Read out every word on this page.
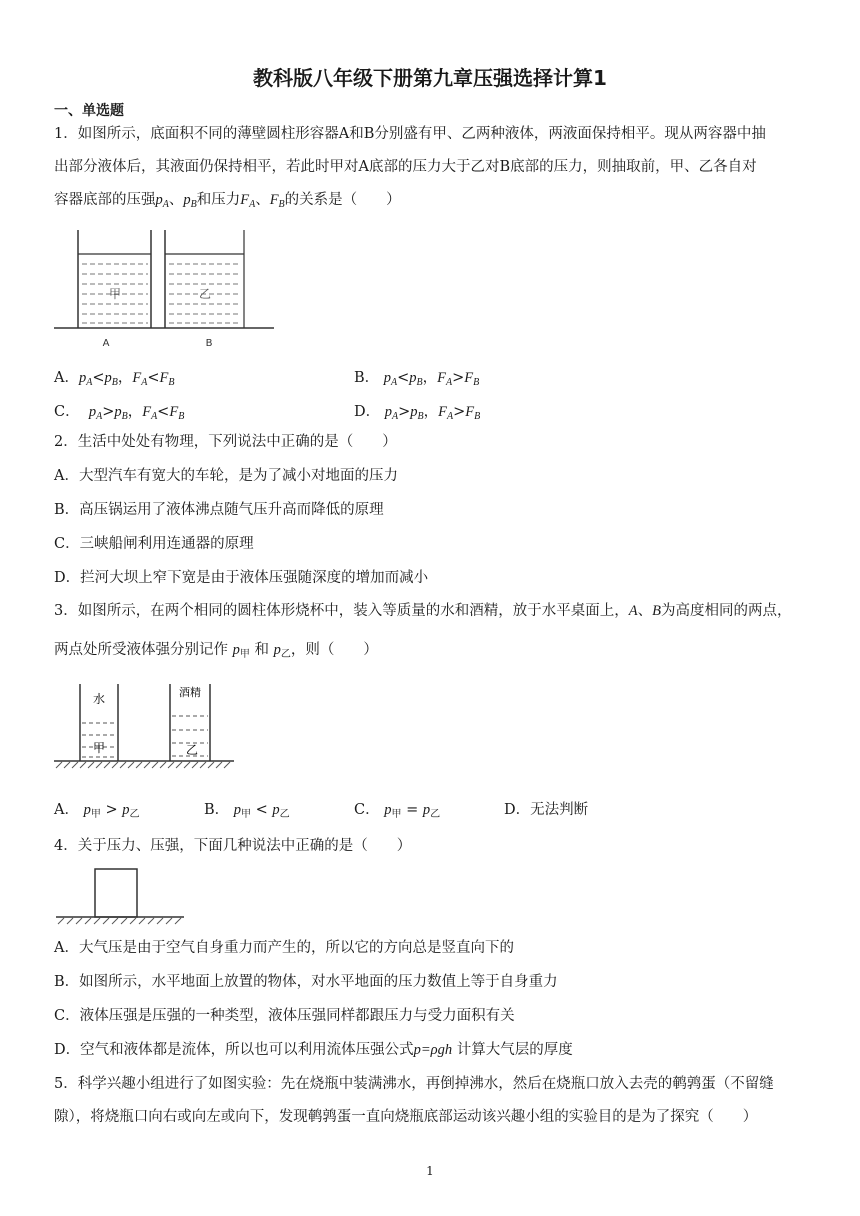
教科版八年级下册第九章压强选择计算1
一、单选题
1．如图所示，底面积不同的薄壁圆柱形容器A和B分别盛有甲、乙两种液体，两液面保持相平。现从两容器中抽
出部分液体后，其液面仍保持相平，若此时甲对A底部的压力大于乙对B底部的压力，则抽取前，甲、乙各自对
容器底部的压强$p_A$、$p_B$和压力$F_A$、$F_B$的关系是（　　）
甲	乙
A	B
A．$p_A<p_B$，$F_A<F_B$	B． $p_A<p_B$，$F_A>F_B$
C． $p_A>p_B$，$F_A<F_B$	D． $p_A>p_B$，$F_A>F_B$
2．生活中处处有物理，下列说法中正确的是（　　）
A．大型汽车有宽大的车轮，是为了减小对地面的压力
B．高压锅运用了液体沸点随气压升高而降低的原理
C．三峡船闸利用连通器的原理
D．拦河大坝上窄下宽是由于液体压强随深度的增加而减小
3．如图所示，在两个相同的圆柱体形烧杯中，装入等质量的水和酒精，放于水平桌面上，A、B为高度相同的两点，
两点处所受液体强分别记作 $p_甲$ 和 $p_乙$，则（　　）
水	酒精
甲	乙
A． $p_甲 > p_乙$	B． $p_甲 < p_乙$	C． $p_甲 = p_乙$	D．无法判断
4．关于压力、压强，下面几种说法中正确的是（　　）
A．大气压是由于空气自身重力而产生的，所以它的方向总是竖直向下的
B．如图所示，水平地面上放置的物体，对水平地面的压力数值上等于自身重力
C．液体压强是压强的一种类型，液体压强同样都跟压力与受力面积有关
D．空气和液体都是流体，所以也可以利用流体压强公式p=ρgh 计算大气层的厚度
5．科学兴趣小组进行了如图实验：先在烧瓶中装满沸水，再倒掉沸水，然后在烧瓶口放入去壳的鹌鹑蛋（不留缝
隙），将烧瓶口向右或向左或向下，发现鹌鹑蛋一直向烧瓶底部运动该兴趣小组的实验目的是为了探究（　　）
1
